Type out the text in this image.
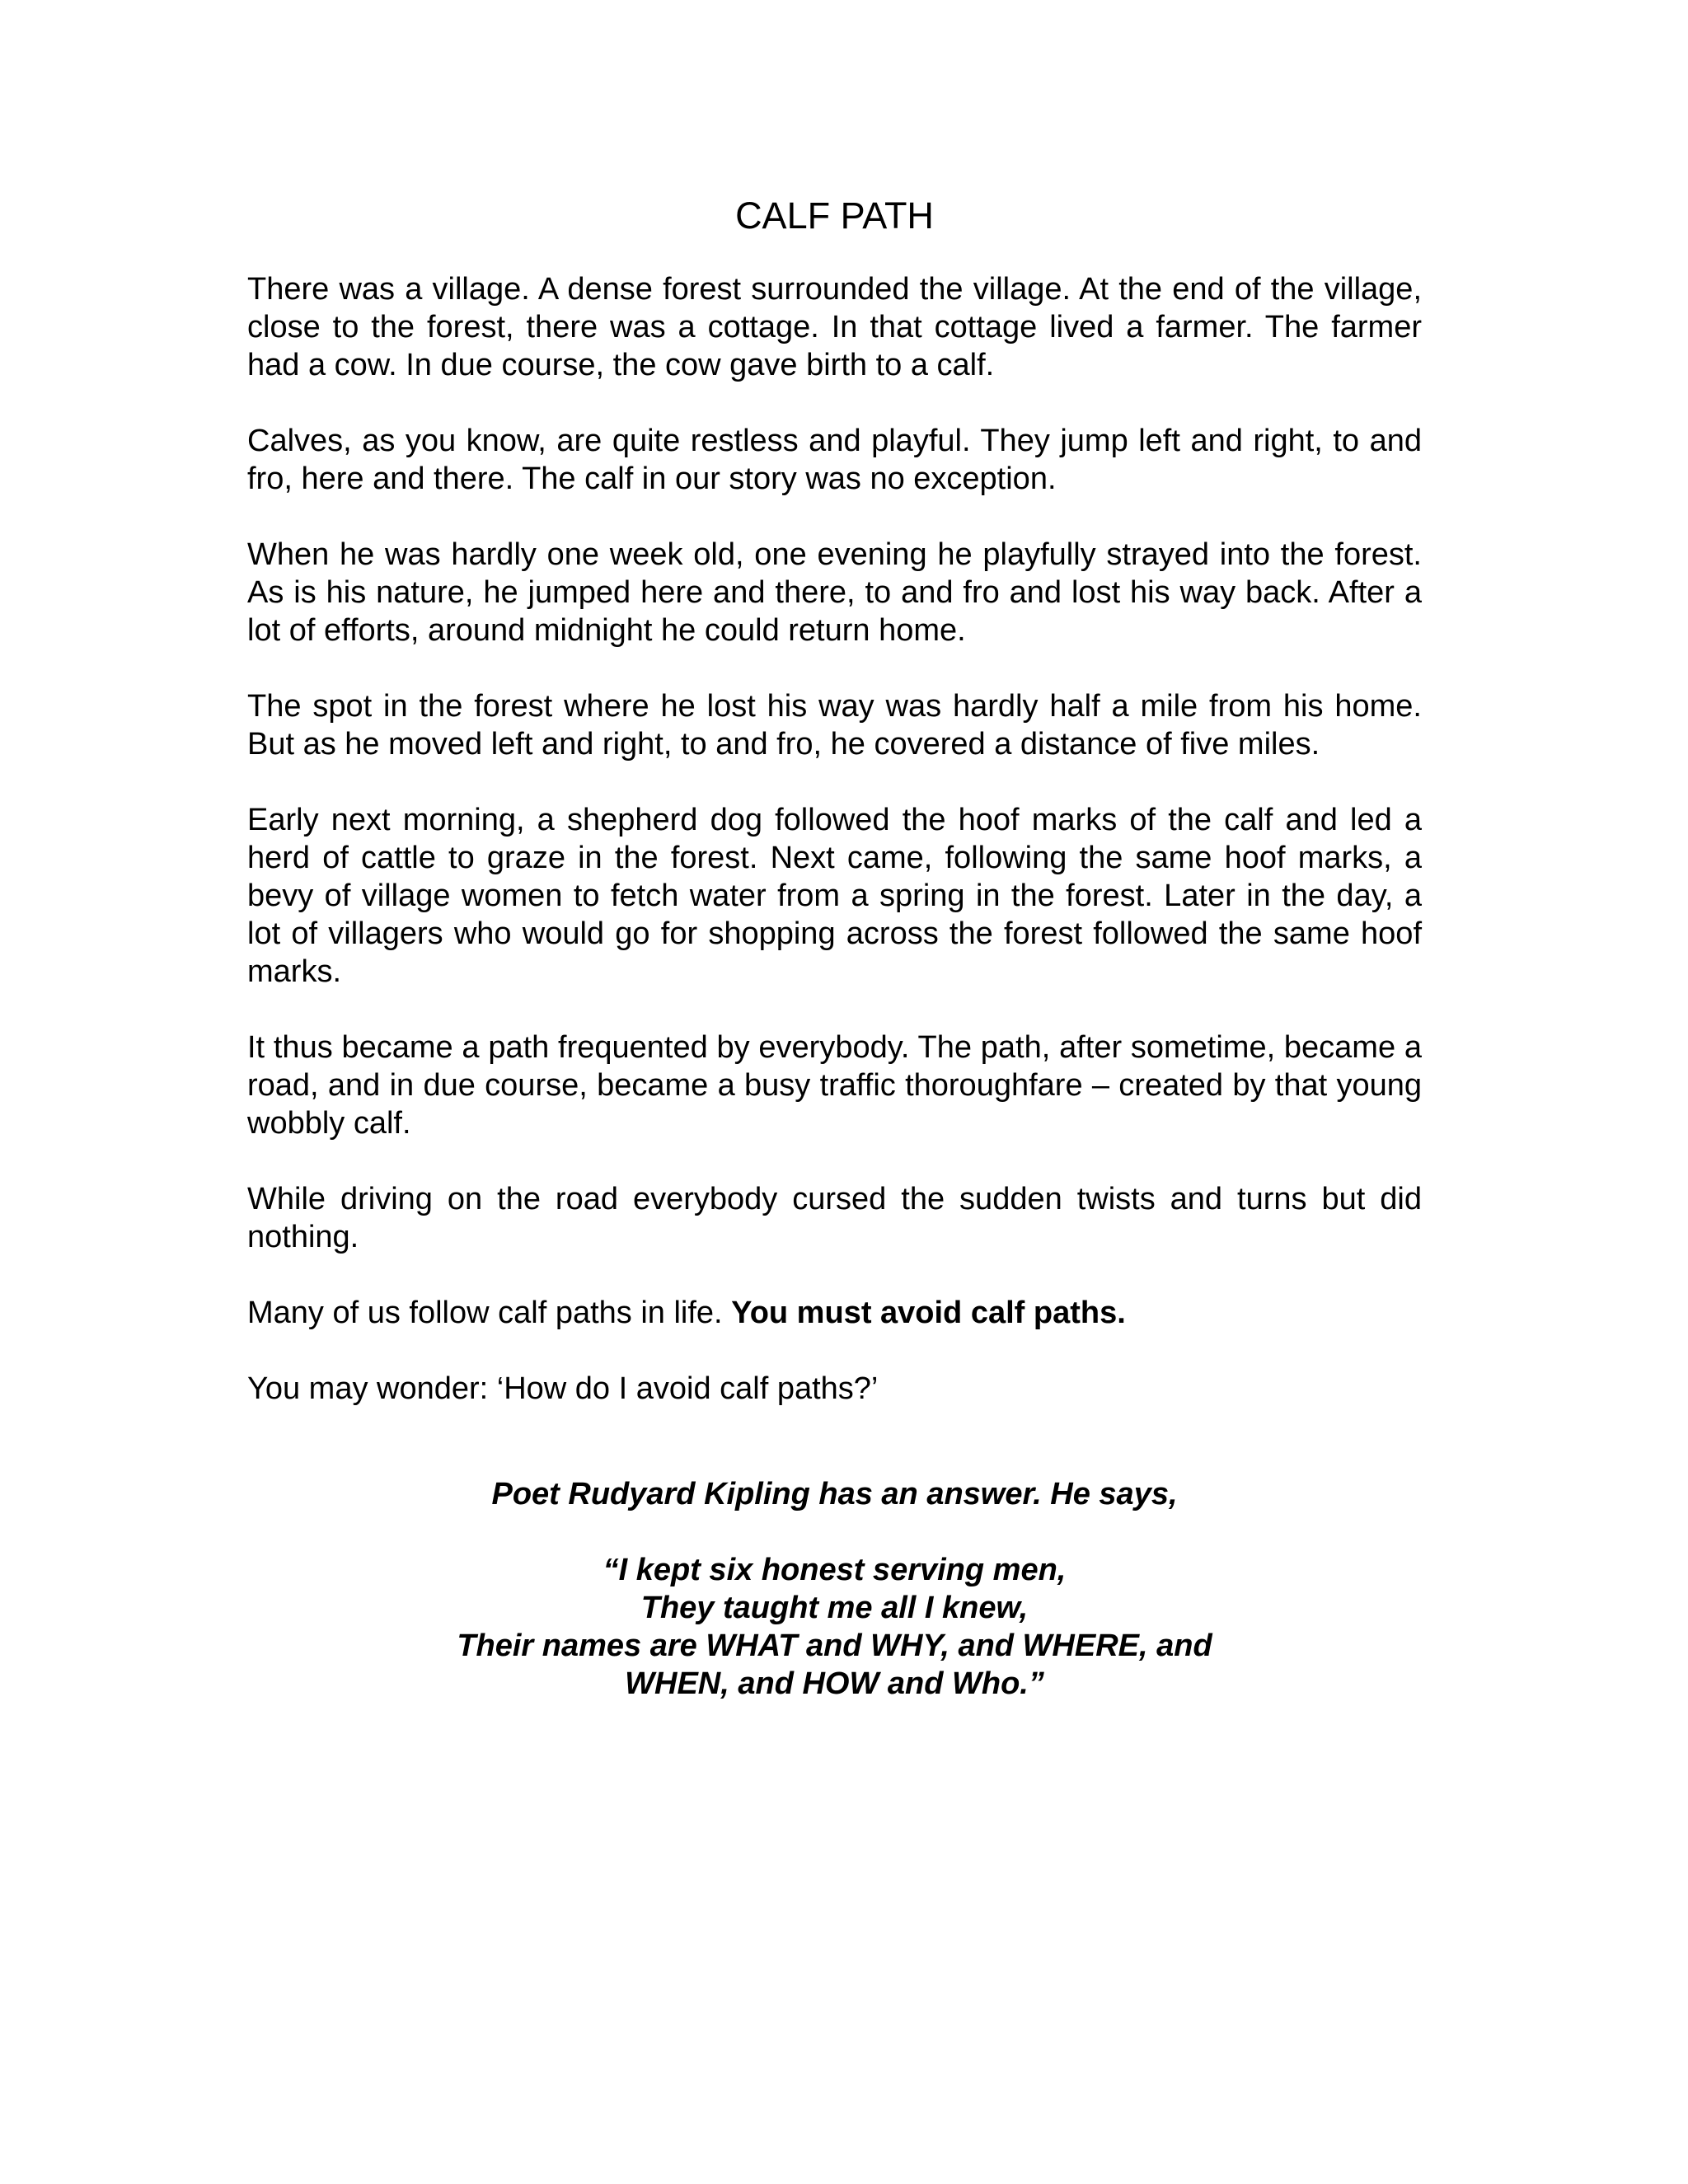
CALF PATH

There was a village. A dense forest surrounded the village. At the end of the village, close to the forest, there was a cottage. In that cottage lived a farmer. The farmer had a cow. In due course, the cow gave birth to a calf.

Calves, as you know, are quite restless and playful. They jump left and right, to and fro, here and there. The calf in our story was no exception.

When he was hardly one week old, one evening he playfully strayed into the forest. As is his nature, he jumped here and there, to and fro and lost his way back. After a lot of efforts, around midnight he could return home.

The spot in the forest where he lost his way was hardly half a mile from his home. But as he moved left and right, to and fro, he covered a distance of five miles.

Early next morning, a shepherd dog followed the hoof marks of the calf and led a herd of cattle to graze in the forest. Next came, following the same hoof marks, a bevy of village women to fetch water from a spring in the forest. Later in the day, a lot of villagers who would go for shopping across the forest followed the same hoof marks.

It thus became a path frequented by everybody. The path, after sometime, became a road, and in due course, became a busy traffic thoroughfare – created by that young wobbly calf.

While driving on the road everybody cursed the sudden twists and turns but did nothing.

Many of us follow calf paths in life. You must avoid calf paths.

You may wonder: ‘How do I avoid calf paths?’

Poet Rudyard Kipling has an answer. He says,

“I kept six honest serving men,
They taught me all I knew,
Their names are WHAT and WHY, and WHERE, and
WHEN, and HOW and Who.”
